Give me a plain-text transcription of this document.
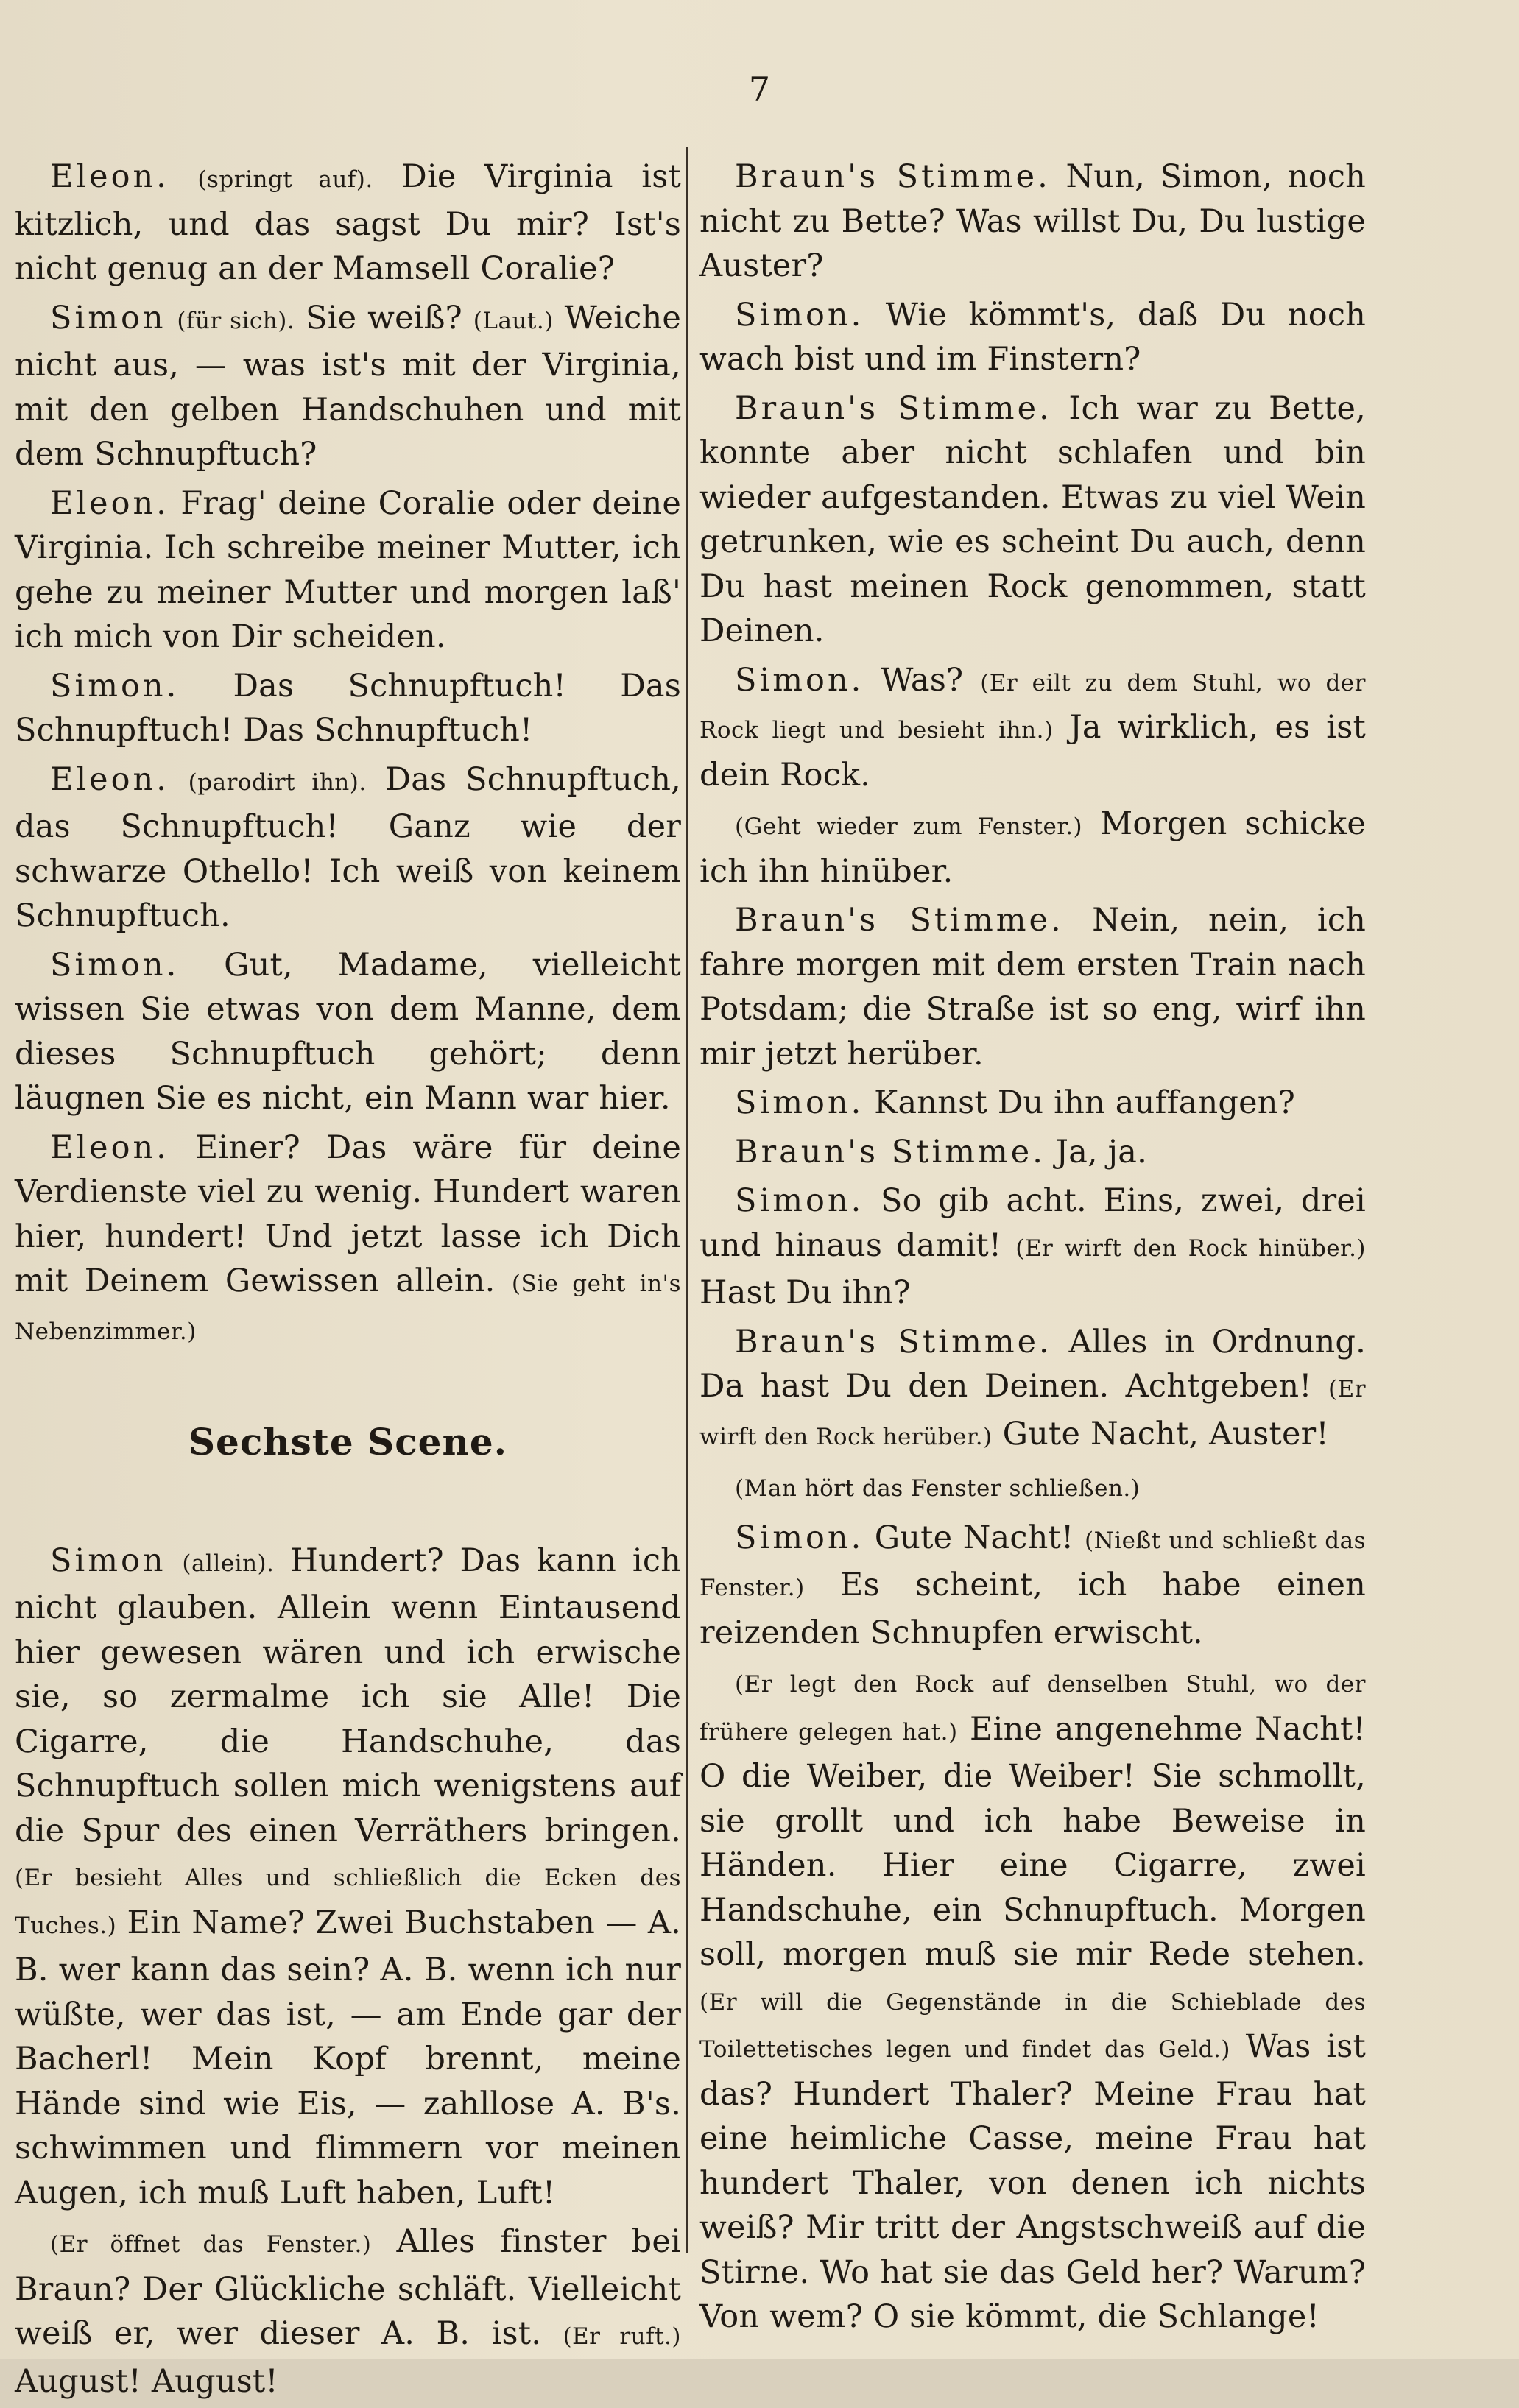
7

Eleon. (springt auf). Die Virginia ist kitzlich, und das sagst Du mir? Ist's nicht genug an der Mamsell Coralie?

Simon (für sich). Sie weiß? (Laut.) Weiche nicht aus, — was ist's mit der Virginia, mit den gelben Handschuhen und mit dem Schnupftuch?

Eleon. Frag' deine Coralie oder deine Virginia. Ich schreibe meiner Mutter, ich gehe zu meiner Mutter und morgen laß' ich mich von Dir scheiden.

Simon. Das Schnupftuch! Das Schnupftuch! Das Schnupftuch!

Eleon. (parodirt ihn). Das Schnupftuch, das Schnupftuch! Ganz wie der schwarze Othello! Ich weiß von keinem Schnupftuch.

Simon. Gut, Madame, vielleicht wissen Sie etwas von dem Manne, dem dieses Schnupftuch gehört; denn läugnen Sie es nicht, ein Mann war hier.

Eleon. Einer? Das wäre für deine Verdienste viel zu wenig. Hundert waren hier, hundert! Und jetzt lasse ich Dich mit Deinem Gewissen allein. (Sie geht in's Nebenzimmer.)

Sechste Scene.

Simon (allein). Hundert? Das kann ich nicht glauben. Allein wenn Eintausend hier gewesen wären und ich erwische sie, so zermalme ich sie Alle! Die Cigarre, die Handschuhe, das Schnupftuch sollen mich wenigstens auf die Spur des einen Verräthers bringen. (Er besieht Alles und schließlich die Ecken des Tuches.) Ein Name? Zwei Buchstaben — A. B. wer kann das sein? A. B. wenn ich nur wüßte, wer das ist, — am Ende gar der Bacherl! Mein Kopf brennt, meine Hände sind wie Eis, — zahllose A. B's. schwimmen und flimmern vor meinen Augen, ich muß Luft haben, Luft!

(Er öffnet das Fenster.) Alles finster bei Braun? Der Glückliche schläft. Vielleicht weiß er, wer dieser A. B. ist. (Er ruft.) August! August!

Braun's Stimme. Nun, Simon, noch nicht zu Bette? Was willst Du, Du lustige Auster?

Simon. Wie kömmt's, daß Du noch wach bist und im Finstern?

Braun's Stimme. Ich war zu Bette, konnte aber nicht schlafen und bin wieder aufgestanden. Etwas zu viel Wein getrunken, wie es scheint Du auch, denn Du hast meinen Rock genommen, statt Deinen.

Simon. Was? (Er eilt zu dem Stuhl, wo der Rock liegt und besieht ihn.) Ja wirklich, es ist dein Rock.

(Geht wieder zum Fenster.) Morgen schicke ich ihn hinüber.

Braun's Stimme. Nein, nein, ich fahre morgen mit dem ersten Train nach Potsdam; die Straße ist so eng, wirf ihn mir jetzt herüber.

Simon. Kannst Du ihn auffangen?

Braun's Stimme. Ja, ja.

Simon. So gib acht. Eins, zwei, drei und hinaus damit! (Er wirft den Rock hinüber.) Hast Du ihn?

Braun's Stimme. Alles in Ordnung. Da hast Du den Deinen. Achtgeben! (Er wirft den Rock herüber.) Gute Nacht, Auster!

(Man hört das Fenster schließen.)

Simon. Gute Nacht! (Nießt und schließt das Fenster.) Es scheint, ich habe einen reizenden Schnupfen erwischt.

(Er legt den Rock auf denselben Stuhl, wo der frühere gelegen hat.) Eine angenehme Nacht! O die Weiber, die Weiber! Sie schmollt, sie grollt und ich habe Beweise in Händen. Hier eine Cigarre, zwei Handschuhe, ein Schnupftuch. Morgen soll, morgen muß sie mir Rede stehen. (Er will die Gegenstände in die Schieblade des Toilettetisches legen und findet das Geld.) Was ist das? Hundert Thaler? Meine Frau hat eine heimliche Casse, meine Frau hat hundert Thaler, von denen ich nichts weiß? Mir tritt der Angstschweiß auf die Stirne. Wo hat sie das Geld her? Warum? Von wem? O sie kömmt, die Schlange!
